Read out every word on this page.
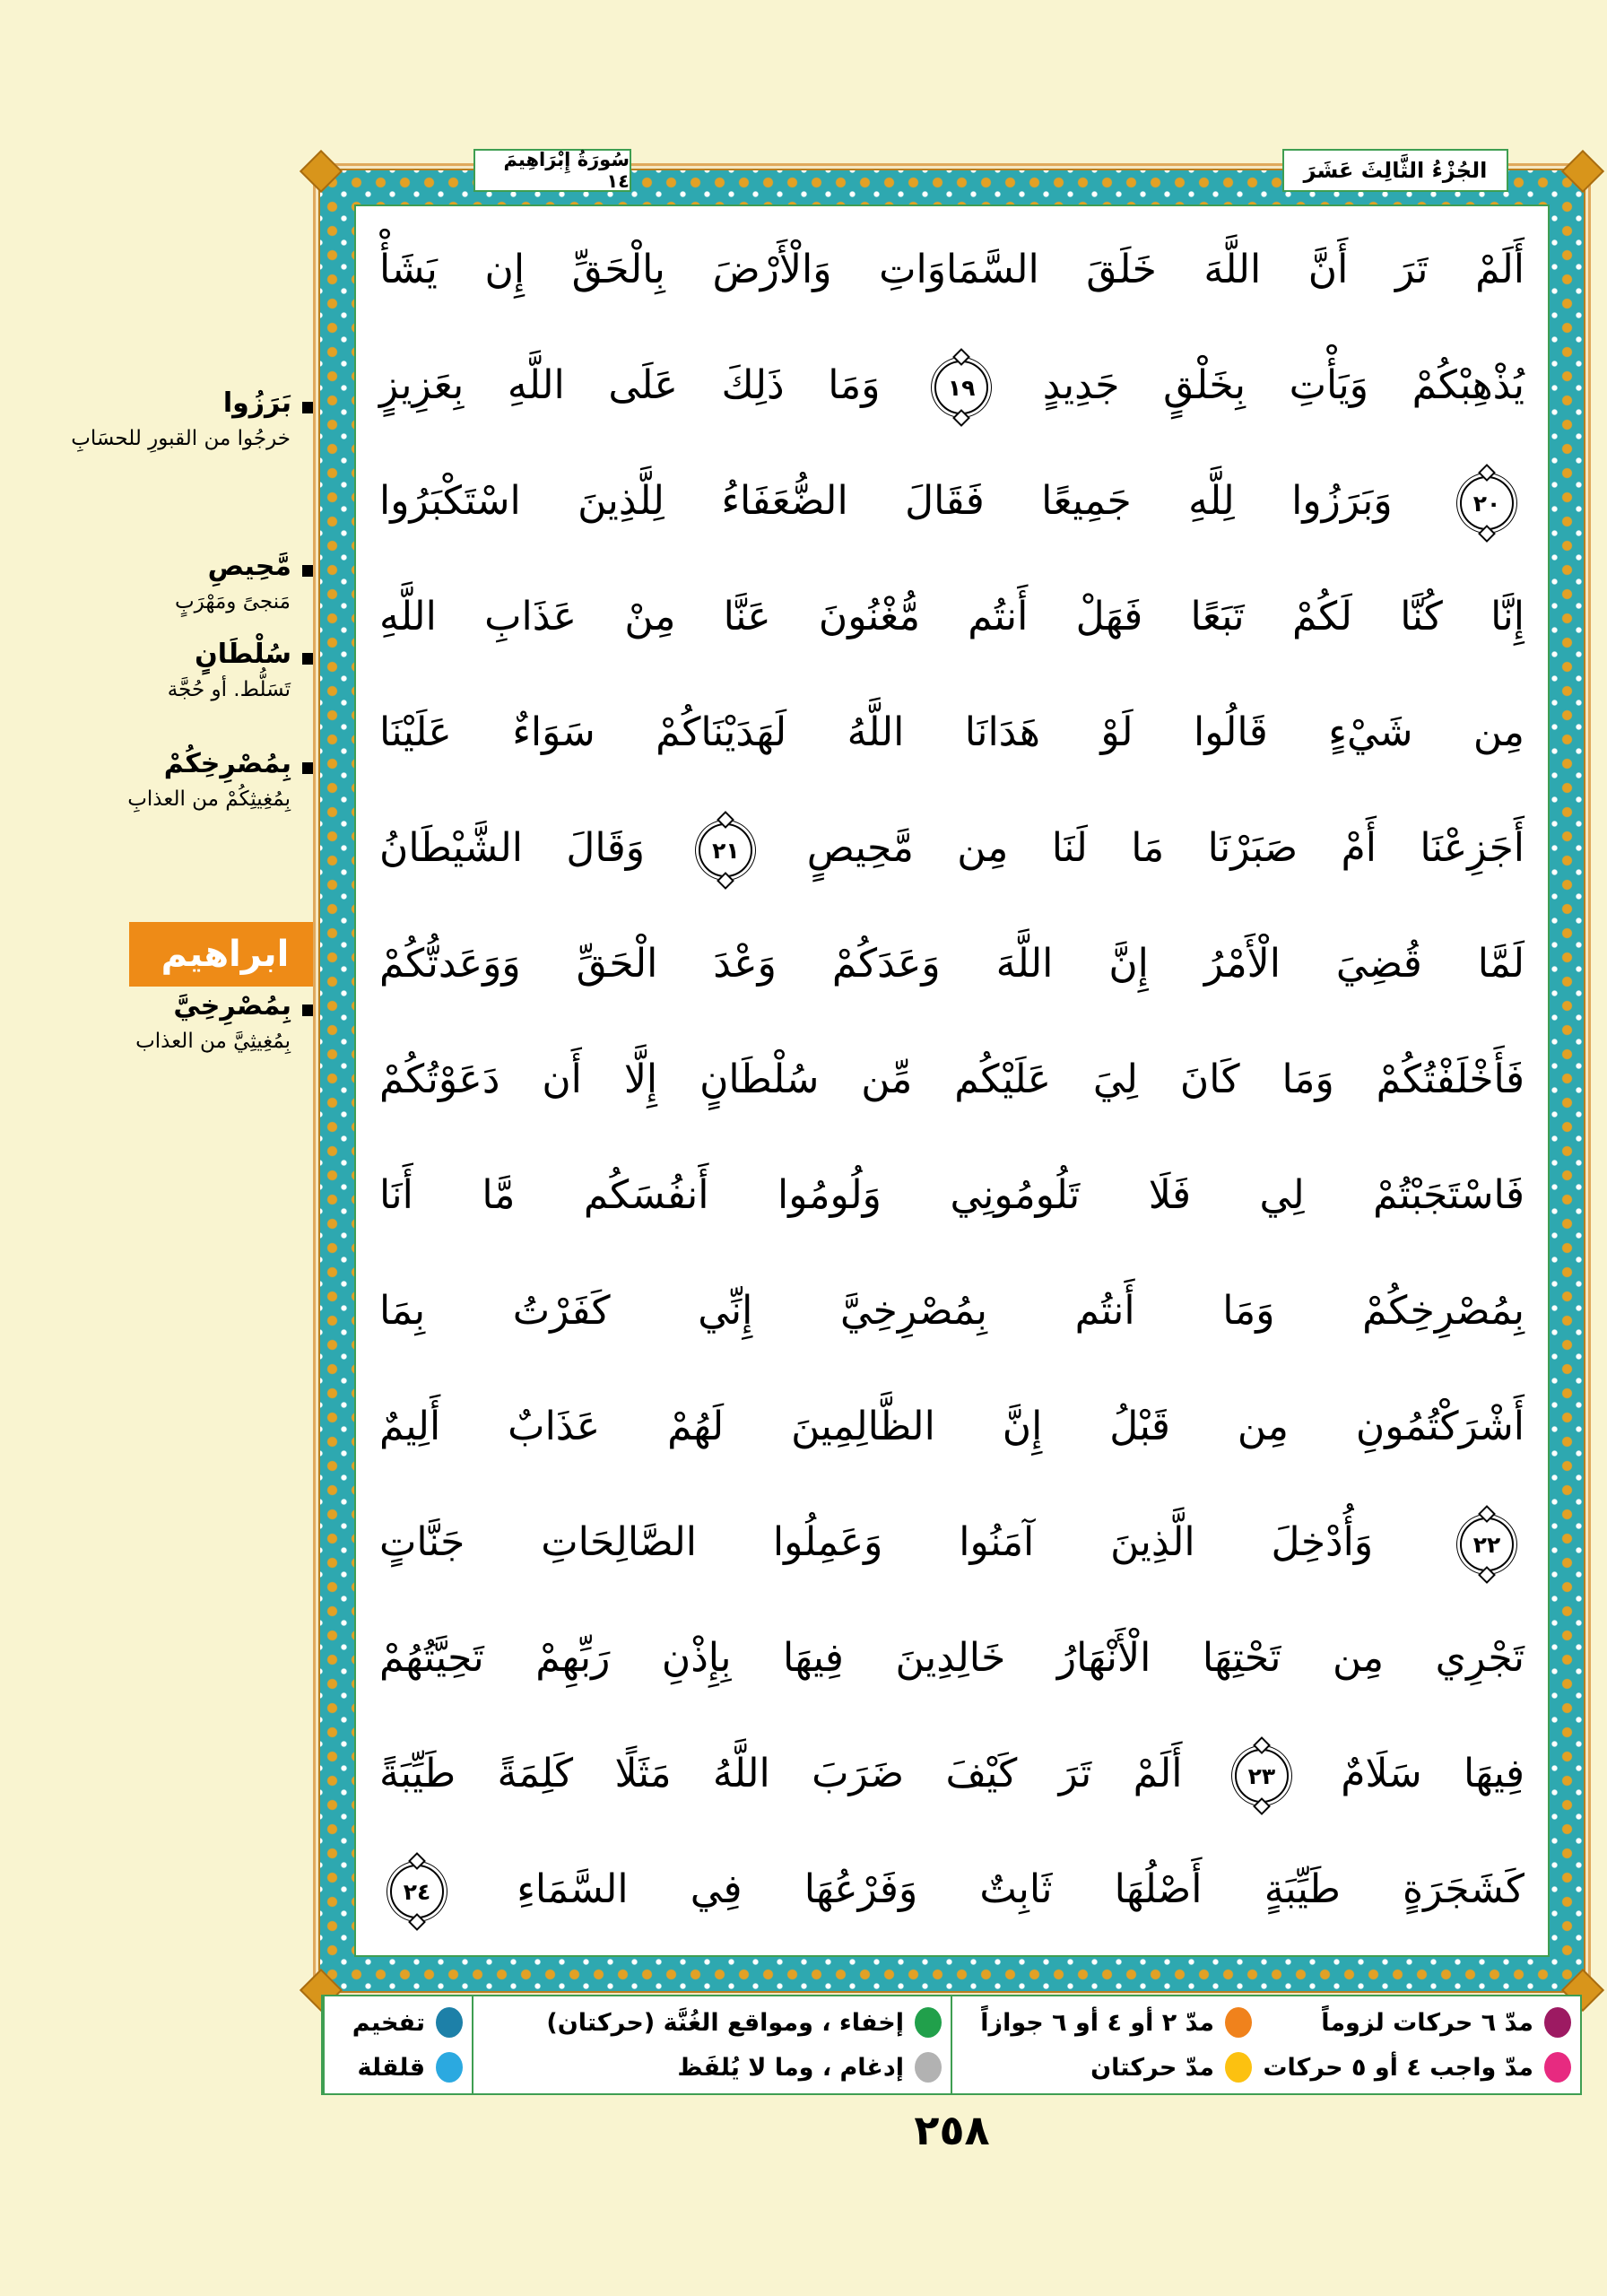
بَرَزُوا
خرجُوا من القبورِ للحسَابِ
مَّحِيصِ
مَنجىً ومَهْرَبٍ
سُلْطَانٍ
تَسَلُّط. أو حُجَّة
بِمُصْرِخِكُمْ
بِمُغِيثِكُمْ من العذابِ
ابراهيم
بِمُصْرِخِيَّ
بِمُغِيثِيَّ من العذاب
سُورَةُ إِبْرَاهِيمَ ١٤	الجُزْءُ الثَّالِثَ عَشَرَ
أَلَمْ تَرَ أَنَّ اللَّهَ خَلَقَ السَّمَاوَاتِ وَالْأَرْضَ بِالْحَقِّ إِن يَشَأْ
يُذْهِبْكُمْ وَيَأْتِ بِخَلْقٍ جَدِيدٍ ١٩ وَمَا ذَلِكَ عَلَى اللَّهِ بِعَزِيزٍ
٢٠ وَبَرَزُوا لِلَّهِ جَمِيعًا فَقَالَ الضُّعَفَاءُ لِلَّذِينَ اسْتَكْبَرُوا
إِنَّا كُنَّا لَكُمْ تَبَعًا فَهَلْ أَنتُم مُّغْنُونَ عَنَّا مِنْ عَذَابِ اللَّهِ
مِن شَيْءٍ قَالُوا لَوْ هَدَانَا اللَّهُ لَهَدَيْنَاكُمْ سَوَاءٌ عَلَيْنَا
أَجَزِعْنَا أَمْ صَبَرْنَا مَا لَنَا مِن مَّحِيصٍ ٢١ وَقَالَ الشَّيْطَانُ
لَمَّا قُضِيَ الْأَمْرُ إِنَّ اللَّهَ وَعَدَكُمْ وَعْدَ الْحَقِّ وَوَعَدتُّكُمْ
فَأَخْلَفْتُكُمْ وَمَا كَانَ لِيَ عَلَيْكُم مِّن سُلْطَانٍ إِلَّا أَن دَعَوْتُكُمْ
فَاسْتَجَبْتُمْ لِي فَلَا تَلُومُونِي وَلُومُوا أَنفُسَكُم مَّا أَنَا
بِمُصْرِخِكُمْ وَمَا أَنتُم بِمُصْرِخِيَّ إِنِّي كَفَرْتُ بِمَا
أَشْرَكْتُمُونِ مِن قَبْلُ إِنَّ الظَّالِمِينَ لَهُمْ عَذَابٌ أَلِيمٌ
٢٢ وَأُدْخِلَ الَّذِينَ آمَنُوا وَعَمِلُوا الصَّالِحَاتِ جَنَّاتٍ
تَجْرِي مِن تَحْتِهَا الْأَنْهَارُ خَالِدِينَ فِيهَا بِإِذْنِ رَبِّهِمْ تَحِيَّتُهُمْ
فِيهَا سَلَامٌ ٢٣ أَلَمْ تَرَ كَيْفَ ضَرَبَ اللَّهُ مَثَلًا كَلِمَةً طَيِّبَةً
كَشَجَرَةٍ طَيِّبَةٍ أَصْلُهَا ثَابِتٌ وَفَرْعُهَا فِي السَّمَاءِ ٢٤
مدّ ٦ حركات لزوماً
مدّ واجب ٤ أو ٥ حركات
مدّ ٢ أو ٤ أو ٦ جوازاً
مدّ حركتان
إخفاء ، ومواقع الغُنَّة (حركتان)
إدغام ، وما لا يُلفَظ
تفخيم
قلقلة
٢٥٨
